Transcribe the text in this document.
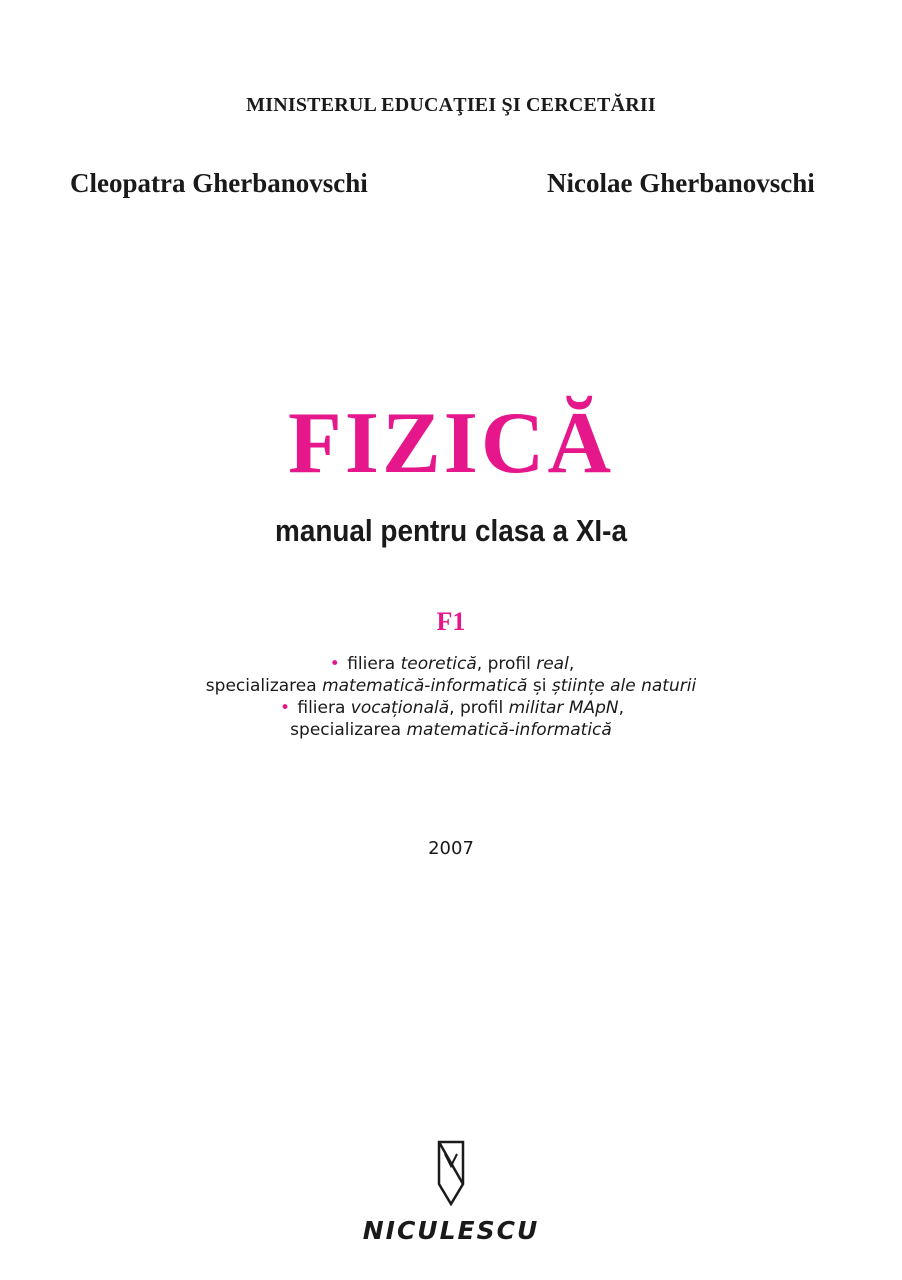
MINISTERUL EDUCAŢIEI ŞI CERCETĂRII
Cleopatra Gherbanovschi	Nicolae Gherbanovschi
FIZICĂ
manual pentru clasa a XI-a
F1
• filiera teoretică, profil real,
specializarea matematică-informatică și științe ale naturii
• filiera vocațională, profil militar MApN,
specializarea matematică-informatică
2007
NICULESCU
